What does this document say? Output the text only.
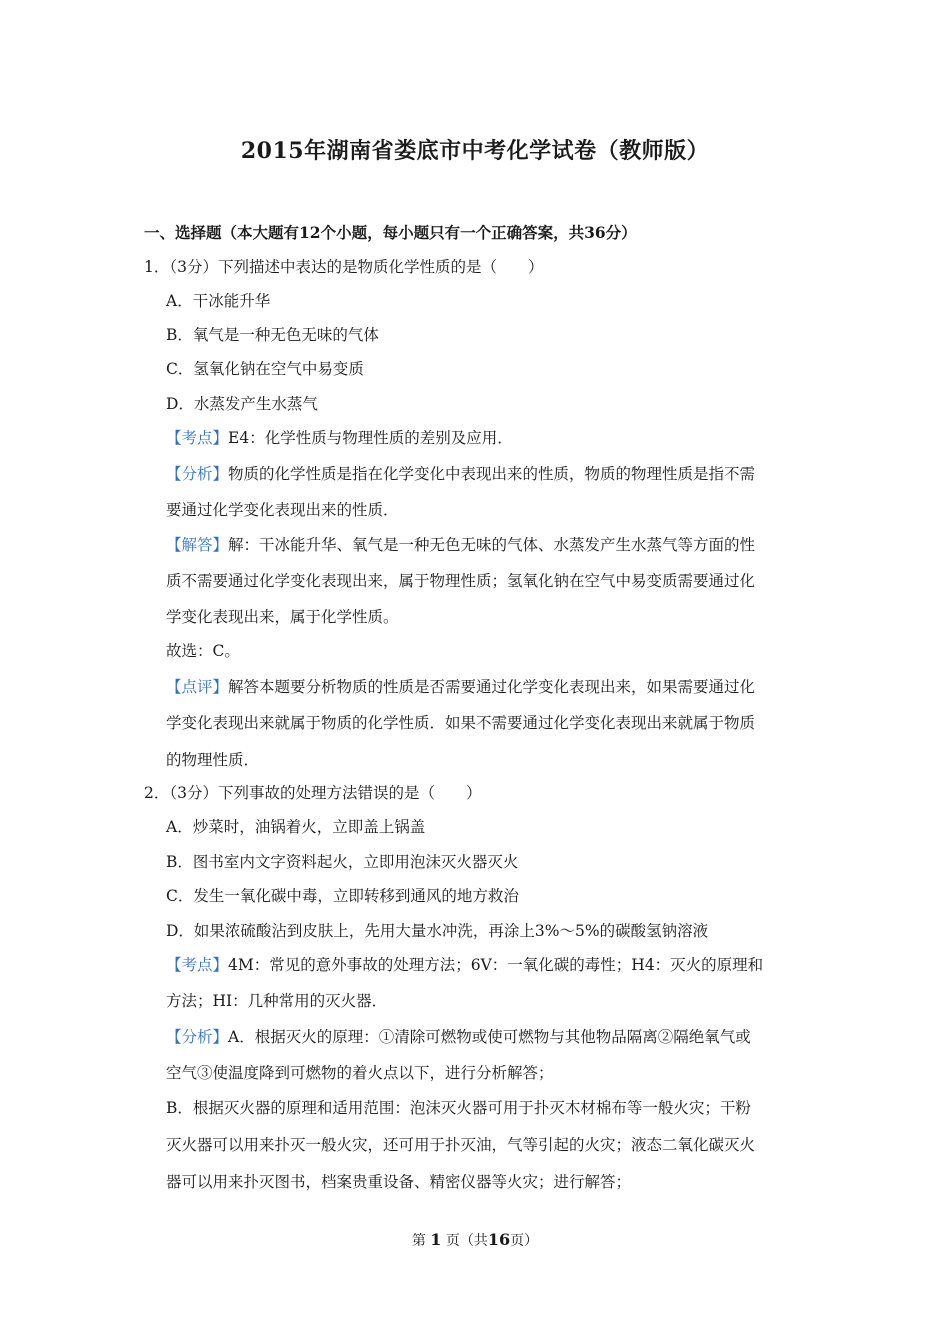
2015年湖南省娄底市中考化学试卷（教师版）
一、选择题（本大题有12个小题，每小题只有一个正确答案，共36分）
1．（3分）下列描述中表达的是物质化学性质的是（　　）
A．干冰能升华
B．氧气是一种无色无味的气体
C．氢氧化钠在空气中易变质
D．水蒸发产生水蒸气
【考点】E4：化学性质与物理性质的差别及应用．
【分析】物质的化学性质是指在化学变化中表现出来的性质，物质的物理性质是指不需
要通过化学变化表现出来的性质．
【解答】解：干冰能升华、氧气是一种无色无味的气体、水蒸发产生水蒸气等方面的性
质不需要通过化学变化表现出来，属于物理性质；氢氧化钠在空气中易变质需要通过化
学变化表现出来，属于化学性质。
故选：C。
【点评】解答本题要分析物质的性质是否需要通过化学变化表现出来，如果需要通过化
学变化表现出来就属于物质的化学性质．如果不需要通过化学变化表现出来就属于物质
的物理性质．
2．（3分）下列事故的处理方法错误的是（　　）
A．炒菜时，油锅着火，立即盖上锅盖
B．图书室内文字资料起火，立即用泡沫灭火器灭火
C．发生一氧化碳中毒，立即转移到通风的地方救治
D．如果浓硫酸沾到皮肤上，先用大量水冲洗，再涂上3%～5%的碳酸氢钠溶液
【考点】4M：常见的意外事故的处理方法；6V：一氧化碳的毒性；H4：灭火的原理和
方法；HI：几种常用的灭火器．
【分析】A．根据灭火的原理：①清除可燃物或使可燃物与其他物品隔离②隔绝氧气或
空气③使温度降到可燃物的着火点以下，进行分析解答；
B．根据灭火器的原理和适用范围：泡沫灭火器可用于扑灭木材棉布等一般火灾；干粉
灭火器可以用来扑灭一般火灾，还可用于扑灭油，气等引起的火灾；液态二氧化碳灭火
器可以用来扑灭图书，档案贵重设备、精密仪器等火灾；进行解答；
第 1 页（共16页）
